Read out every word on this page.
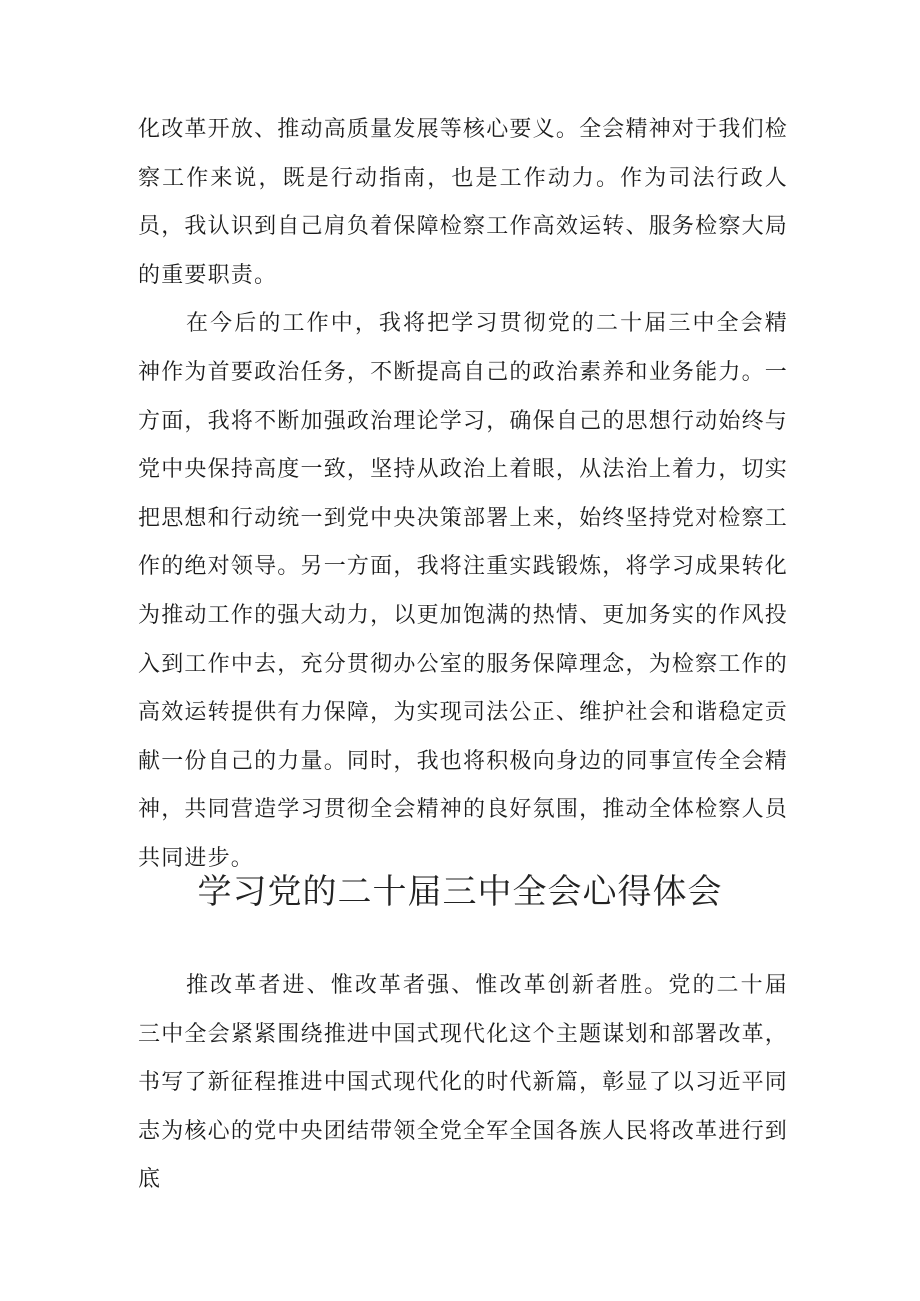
化改革开放、推动高质量发展等核心要义。全会精神对于我们检察工作来说，既是行动指南，也是工作动力。作为司法行政人员，我认识到自己肩负着保障检察工作高效运转、服务检察大局的重要职责。

在今后的工作中，我将把学习贯彻党的二十届三中全会精神作为首要政治任务，不断提高自己的政治素养和业务能力。一方面，我将不断加强政治理论学习，确保自己的思想行动始终与党中央保持高度一致，坚持从政治上着眼，从法治上着力，切实把思想和行动统一到党中央决策部署上来，始终坚持党对检察工作的绝对领导。另一方面，我将注重实践锻炼，将学习成果转化为推动工作的强大动力，以更加饱满的热情、更加务实的作风投入到工作中去，充分贯彻办公室的服务保障理念，为检察工作的高效运转提供有力保障，为实现司法公正、维护社会和谐稳定贡献一份自己的力量。同时，我也将积极向身边的同事宣传全会精神，共同营造学习贯彻全会精神的良好氛围，推动全体检察人员共同进步。

学习党的二十届三中全会心得体会

推改革者进、惟改革者强、惟改革创新者胜。党的二十届三中全会紧紧围绕推进中国式现代化这个主题谋划和部署改革，书写了新征程推进中国式现代化的时代新篇，彰显了以习近平同志为核心的党中央团结带领全党全军全国各族人民将改革进行到底
